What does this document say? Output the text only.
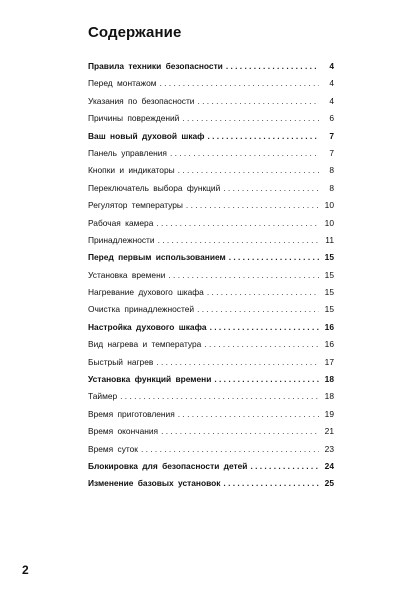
Содержание
Правила техники безопасности . . .	4
Перед монтажом . . .	4
Указания по безопасности . . .	4
Причины повреждений . . .	6
Ваш новый духовой шкаф . . .	7
Панель управления . . .	7
Кнопки и индикаторы . . .	8
Переключатель выбора функций . . .	8
Регулятор температуры . . .	10
Рабочая камера . . .	10
Принадлежности . . .	11
Перед первым использованием . . .	15
Установка времени . . .	15
Нагревание духового шкафа . . .	15
Очистка принадлежностей . . .	15
Настройка духового шкафа . . .	16
Вид нагрева и температура . . .	16
Быстрый нагрев . . .	17
Установка функций времени . . .	18
Таймер . . .	18
Время приготовления . . .	19
Время окончания . . .	21
Время суток . . .	23
Блокировка для безопасности детей . . .	24
Изменение базовых установок . . .	25
2
